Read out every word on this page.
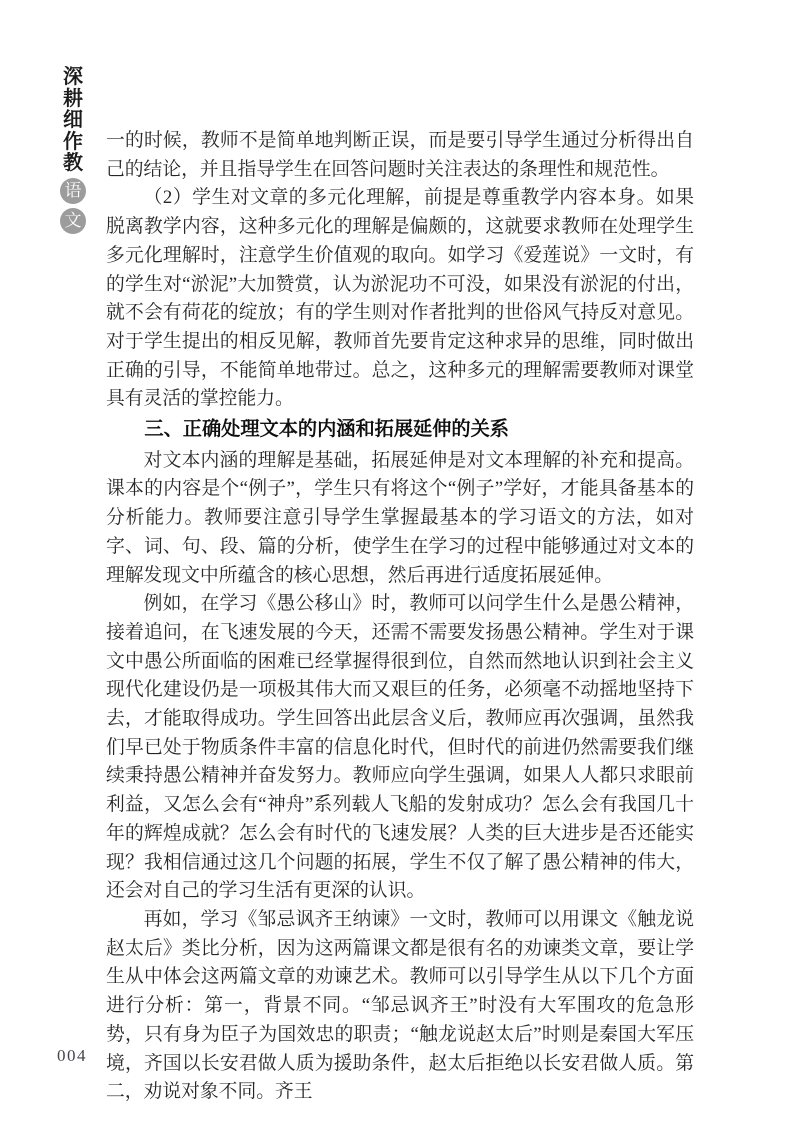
深
耕
细
作
教
语
文

一的时候，教师不是简单地判断正误，而是要引导学生通过分析得出自己的结论，并且指导学生在回答问题时关注表达的条理性和规范性。

（2）学生对文章的多元化理解，前提是尊重教学内容本身。如果脱离教学内容，这种多元化的理解是偏颇的，这就要求教师在处理学生多元化理解时，注意学生价值观的取向。如学习《爱莲说》一文时，有的学生对“淤泥”大加赞赏，认为淤泥功不可没，如果没有淤泥的付出，就不会有荷花的绽放；有的学生则对作者批判的世俗风气持反对意见。对于学生提出的相反见解，教师首先要肯定这种求异的思维，同时做出正确的引导，不能简单地带过。总之，这种多元的理解需要教师对课堂具有灵活的掌控能力。

三、正确处理文本的内涵和拓展延伸的关系

对文本内涵的理解是基础，拓展延伸是对文本理解的补充和提高。课本的内容是个“例子”，学生只有将这个“例子”学好，才能具备基本的分析能力。教师要注意引导学生掌握最基本的学习语文的方法，如对字、词、句、段、篇的分析，使学生在学习的过程中能够通过对文本的理解发现文中所蕴含的核心思想，然后再进行适度拓展延伸。

例如，在学习《愚公移山》时，教师可以问学生什么是愚公精神，接着追问，在飞速发展的今天，还需不需要发扬愚公精神。学生对于课文中愚公所面临的困难已经掌握得很到位，自然而然地认识到社会主义现代化建设仍是一项极其伟大而又艰巨的任务，必须毫不动摇地坚持下去，才能取得成功。学生回答出此层含义后，教师应再次强调，虽然我们早已处于物质条件丰富的信息化时代，但时代的前进仍然需要我们继续秉持愚公精神并奋发努力。教师应向学生强调，如果人人都只求眼前利益，又怎么会有“神舟”系列载人飞船的发射成功？怎么会有我国几十年的辉煌成就？怎么会有时代的飞速发展？人类的巨大进步是否还能实现？我相信通过这几个问题的拓展，学生不仅了解了愚公精神的伟大，还会对自己的学习生活有更深的认识。

再如，学习《邹忌讽齐王纳谏》一文时，教师可以用课文《触龙说赵太后》类比分析，因为这两篇课文都是很有名的劝谏类文章，要让学生从中体会这两篇文章的劝谏艺术。教师可以引导学生从以下几个方面进行分析：第一，背景不同。“邹忌讽齐王”时没有大军围攻的危急形势，只有身为臣子为国效忠的职责；“触龙说赵太后”时则是秦国大军压境，齐国以长安君做人质为援助条件，赵太后拒绝以长安君做人质。第二，劝说对象不同。齐王

004
